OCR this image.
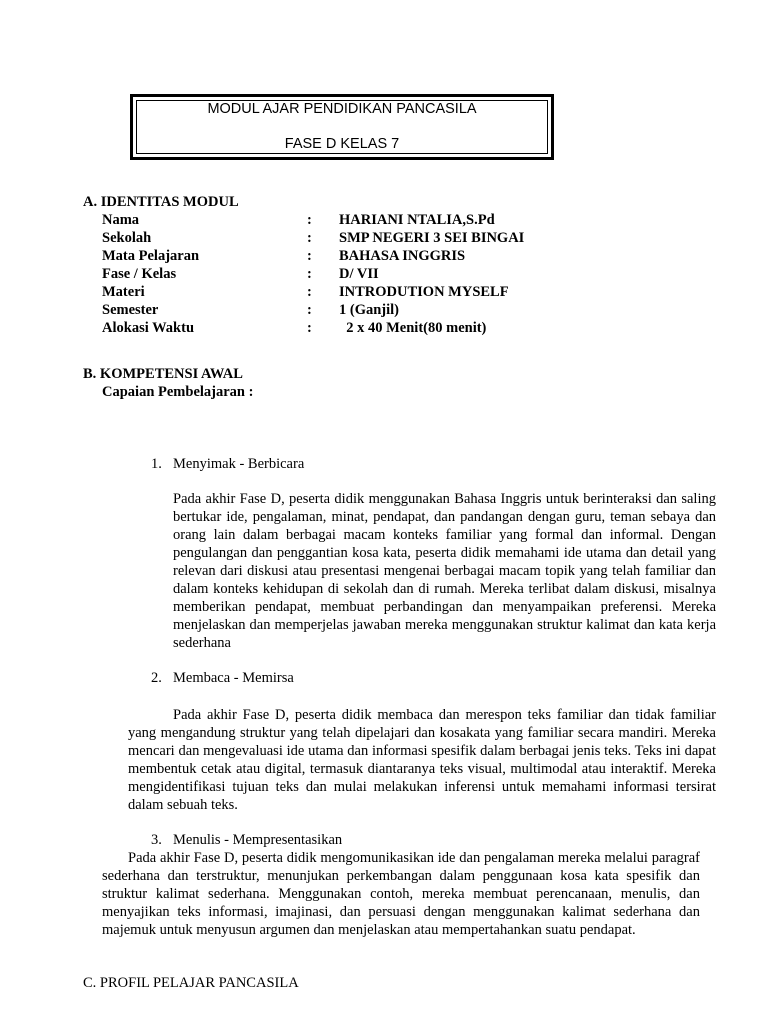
MODUL AJAR PENDIDIKAN PANCASILA
FASE D KELAS 7
A. IDENTITAS MODUL
Nama	: HARIANI NTALIA,S.Pd
Sekolah	: SMP NEGERI 3 SEI BINGAI
Mata Pelajaran	: BAHASA INGGRIS
Fase / Kelas	: D/ VII
Materi	: INTRODUTION MYSELF
Semester	: 1 (Ganjil)
Alokasi Waktu	: 2 x 40 Menit(80 menit)
B. KOMPETENSI AWAL
Capaian Pembelajaran :
1. Menyimak - Berbicara
Pada akhir Fase D, peserta didik menggunakan Bahasa Inggris untuk berinteraksi dan saling bertukar ide, pengalaman, minat, pendapat, dan pandangan dengan guru, teman sebaya dan orang lain dalam berbagai macam konteks familiar yang formal dan informal. Dengan pengulangan dan penggantian kosa kata, peserta didik memahami ide utama dan detail yang relevan dari diskusi atau presentasi mengenai berbagai macam topik yang telah familiar dan dalam konteks kehidupan di sekolah dan di rumah. Mereka terlibat dalam diskusi, misalnya memberikan pendapat, membuat perbandingan dan menyampaikan preferensi. Mereka menjelaskan dan memperjelas jawaban mereka menggunakan struktur kalimat dan kata kerja sederhana
2. Membaca - Memirsa
Pada akhir Fase D, peserta didik membaca dan merespon teks familiar dan tidak familiar yang mengandung struktur yang telah dipelajari dan kosakata yang familiar secara mandiri. Mereka mencari dan mengevaluasi ide utama dan informasi spesifik dalam berbagai jenis teks. Teks ini dapat membentuk cetak atau digital, termasuk diantaranya teks visual, multimodal atau interaktif. Mereka mengidentifikasi tujuan teks dan mulai melakukan inferensi untuk memahami informasi tersirat dalam sebuah teks.
3. Menulis - Mempresentasikan
Pada akhir Fase D, peserta didik mengomunikasikan ide dan pengalaman mereka melalui paragraf sederhana dan terstruktur, menunjukan perkembangan dalam penggunaan kosa kata spesifik dan struktur kalimat sederhana. Menggunakan contoh, mereka membuat perencanaan, menulis, dan menyajikan teks informasi, imajinasi, dan persuasi dengan menggunakan kalimat sederhana dan majemuk untuk menyusun argumen dan menjelaskan atau mempertahankan suatu pendapat.
C. PROFIL PELAJAR PANCASILA
